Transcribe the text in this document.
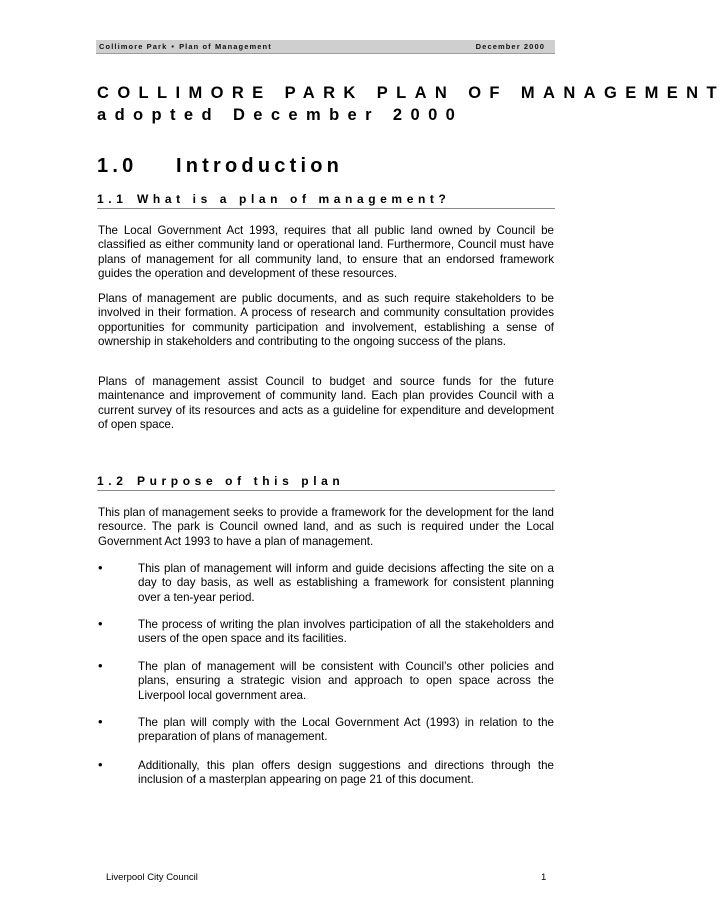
Collimore Park • Plan of Management	December 2000
COLLIMORE PARK PLAN OF MANAGEMENT
adopted December 2000
1.0 Introduction
1.1 What is a plan of management?

The Local Government Act 1993, requires that all public land owned by Council be classified as either community land or operational land. Furthermore, Council must have plans of management for all community land, to ensure that an endorsed framework guides the operation and development of these resources.

Plans of management are public documents, and as such require stakeholders to be involved in their formation. A process of research and community consultation provides opportunities for community participation and involvement, establishing a sense of ownership in stakeholders and contributing to the ongoing success of the plans.

Plans of management assist Council to budget and source funds for the future maintenance and improvement of community land. Each plan provides Council with a current survey of its resources and acts as a guideline for expenditure and development of open space.

1.2 Purpose of this plan

This plan of management seeks to provide a framework for the development for the land resource. The park is Council owned land, and as such is required under the Local Government Act 1993 to have a plan of management.

•	This plan of management will inform and guide decisions affecting the site on a day to day basis, as well as establishing a framework for consistent planning over a ten-year period.

•	The process of writing the plan involves participation of all the stakeholders and users of the open space and its facilities.

•	The plan of management will be consistent with Council’s other policies and plans, ensuring a strategic vision and approach to open space across the Liverpool local government area.

•	The plan will comply with the Local Government Act (1993) in relation to the preparation of plans of management.

•	Additionally, this plan offers design suggestions and directions through the inclusion of a masterplan appearing on page 21 of this document.

Liverpool City Council	1
